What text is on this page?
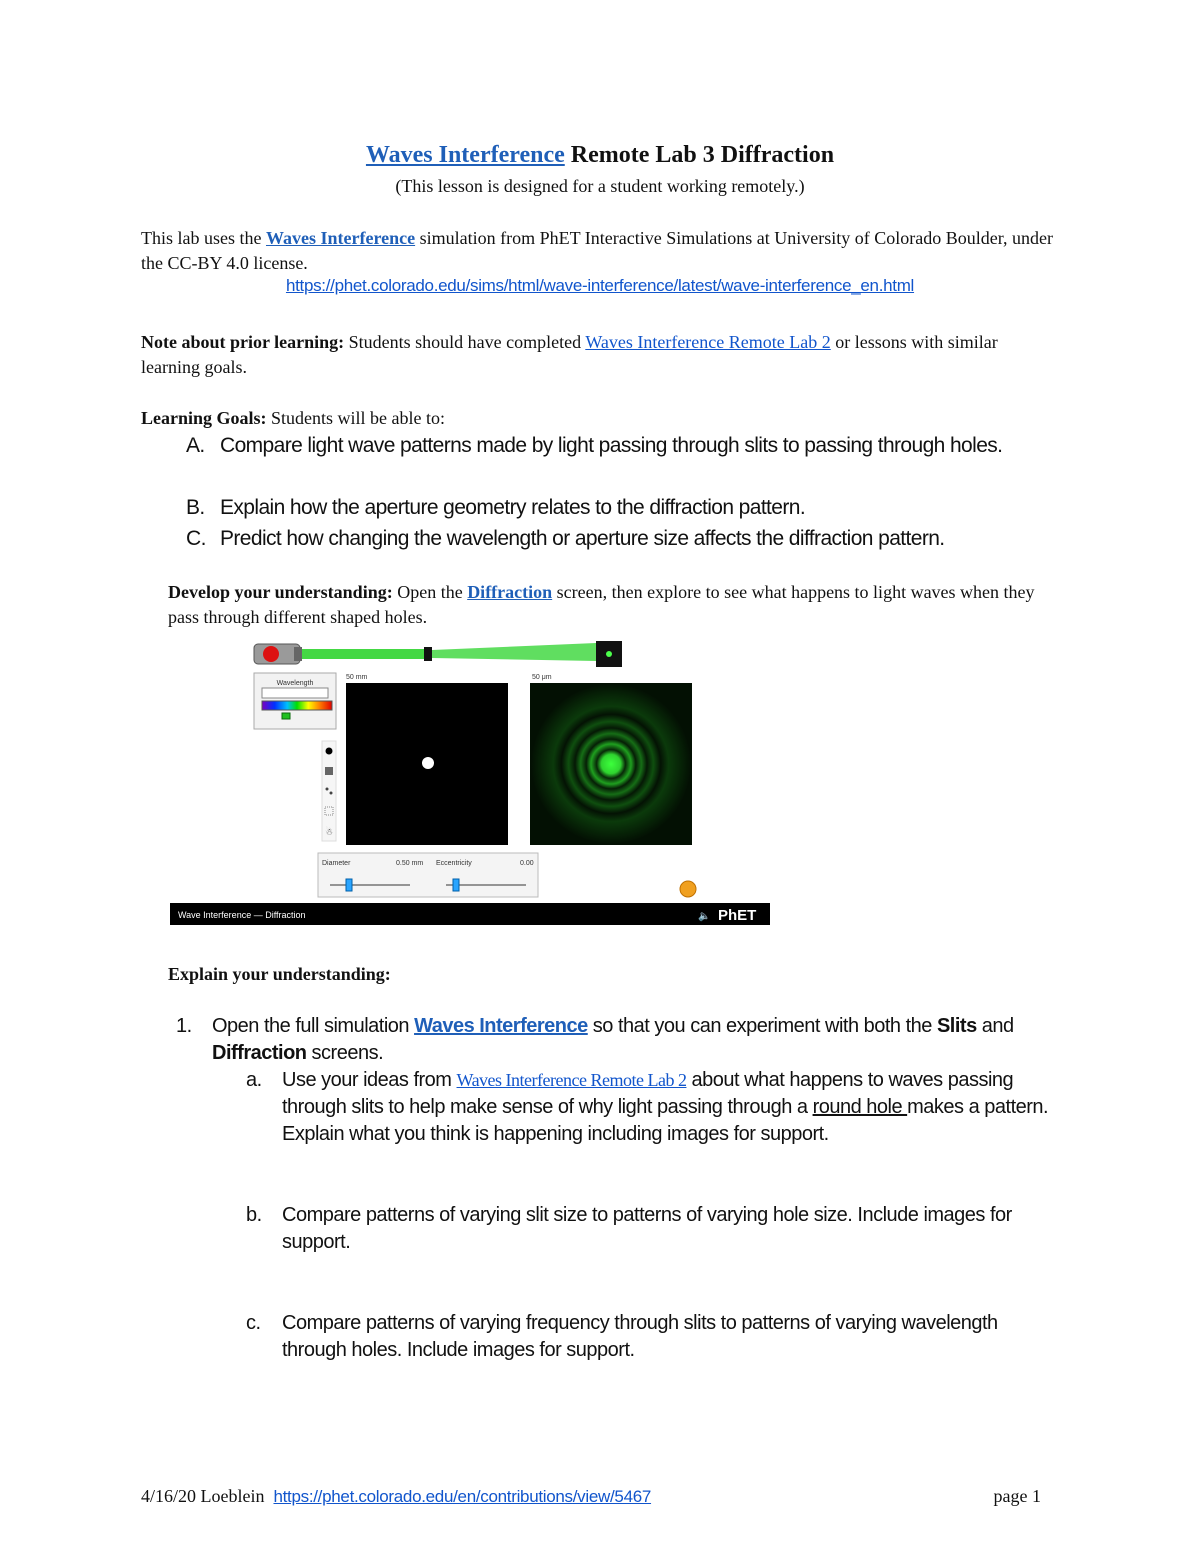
Waves Interference Remote Lab 3 Diffraction
(This lesson is designed for a student working remotely.)
This lab uses the Waves Interference simulation from PhET Interactive Simulations at University of Colorado Boulder, under the CC-BY 4.0 license.
https://phet.colorado.edu/sims/html/wave-interference/latest/wave-interference_en.html
Note about prior learning: Students should have completed Waves Interference Remote Lab 2 or lessons with similar learning goals.
Learning Goals: Students will be able to:
A. Compare light wave patterns made by light passing through slits to passing through holes.
B. Explain how the aperture geometry relates to the diffraction pattern.
C. Predict how changing the wavelength or aperture size affects the diffraction pattern.
Develop your understanding: Open the Diffraction screen, then explore to see what happens to light waves when they pass through different shaped holes.
Wavelength
50 mm	50 μm
☃
Diameter	0.50 mm Eccentricity	0.00
Wave Interference — Diffraction	🔈 PhET
Explain your understanding:
1.	Open the full simulation Waves Interference so that you can experiment with both the Slits and Diffraction screens.
a.	Use your ideas from Waves Interference Remote Lab 2 about what happens to waves passing through slits to help make sense of why light passing through a round hole makes a pattern. Explain what you think is happening including images for support.
b.	Compare patterns of varying slit size to patterns of varying hole size. Include images for support.
c.	Compare patterns of varying frequency through slits to patterns of varying wavelength through holes. Include images for support.
4/16/20 Loeblein https://phet.colorado.edu/en/contributions/view/5467	page 1
